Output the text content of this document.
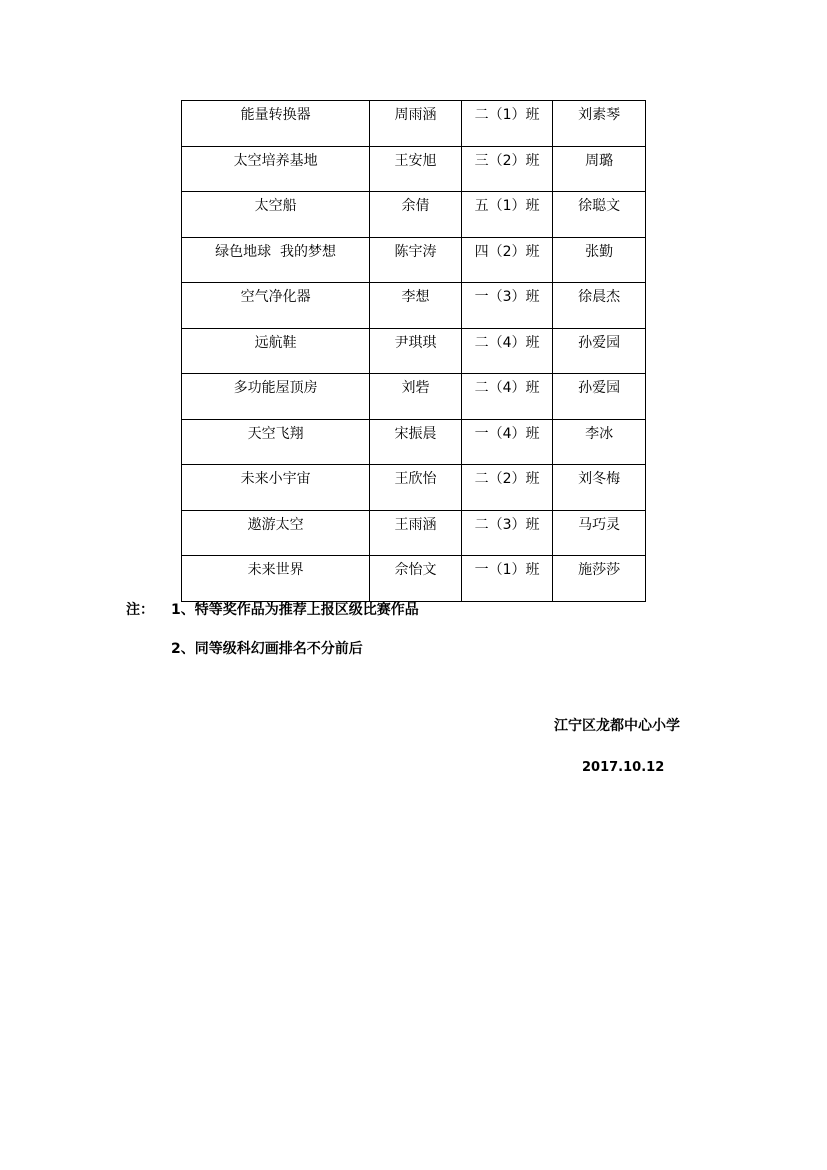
能量转换器	周雨涵	二（1）班	刘素琴
太空培养基地	王安旭	三（2）班	周璐
太空船	余倩	五（1）班	徐聪文
绿色地球  我的梦想	陈宇涛	四（2）班	张勤
空气净化器	李想	一（3）班	徐晨杰
远航鞋	尹琪琪	二（4）班	孙爱园
多功能屋顶房	刘砦	二（4）班	孙爱园
天空飞翔	宋振晨	一（4）班	李冰
未来小宇宙	王欣怡	二（2）班	刘冬梅
遨游太空	王雨涵	二（3）班	马巧灵
未来世界	佘怡文	一（1）班	施莎莎
注： 1、特等奖作品为推荐上报区级比赛作品
2、同等级科幻画排名不分前后
江宁区龙都中心小学
2017.10.12
